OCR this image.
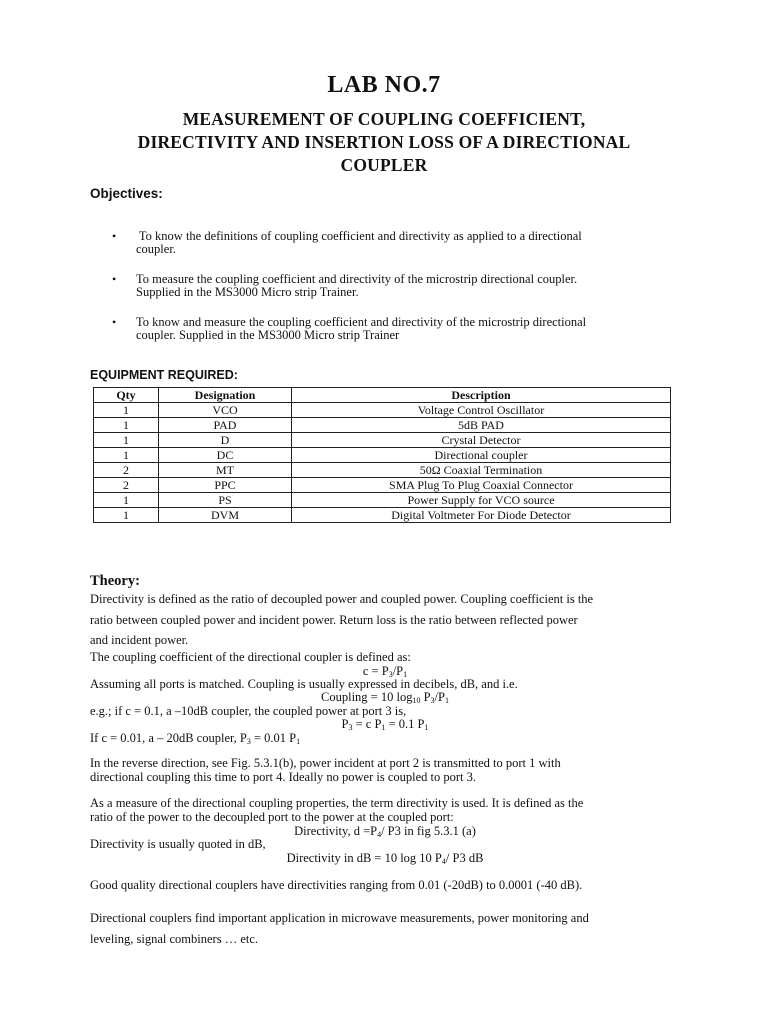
LAB NO.7
MEASUREMENT OF COUPLING COEFFICIENT,
DIRECTIVITY AND INSERTION LOSS OF A DIRECTIONAL
COUPLER
Objectives:
• To know the definitions of coupling coefficient and directivity as applied to a directional
coupler.
• To measure the coupling coefficient and directivity of the microstrip directional coupler.
Supplied in the MS3000 Micro strip Trainer.
• To know and measure the coupling coefficient and directivity of the microstrip directional
coupler. Supplied in the MS3000 Micro strip Trainer
EQUIPMENT REQUIRED:
Qty	Designation	Description
1	VCO	Voltage Control Oscillator
1	PAD	5dB PAD
1	D	Crystal Detector
1	DC	Directional coupler
2	MT	50Ω Coaxial Termination
2	PPC	SMA Plug To Plug Coaxial Connector
1	PS	Power Supply for VCO source
1	DVM	Digital Voltmeter For Diode Detector
Theory:
Directivity is defined as the ratio of decoupled power and coupled power. Coupling coefficient is the
ratio between coupled power and incident power. Return loss is the ratio between reflected power
and incident power.
The coupling coefficient of the directional coupler is defined as:
$c = P_3/P_1$
Assuming all ports is matched. Coupling is usually expressed in decibels, dB, and i.e.
Coupling = 10 $\log_{10} P_3/P_1$
e.g.; if c = 0.1, a –10dB coupler, the coupled power at port 3 is,
$P_3 = c$ $P_1 = 0.1$ $P_1$
If c = 0.01, a – 20dB coupler, $P_3 = 0.01$ $P_1$
In the reverse direction, see Fig. 5.3.1(b), power incident at port 2 is transmitted to port 1 with
directional coupling this time to port 4. Ideally no power is coupled to port 3.
As a measure of the directional coupling properties, the term directivity is used. It is defined as the
ratio of the power to the decoupled port to the power at the coupled port:
Directivity, $d =P_4/$ P3 in fig 5.3.1 (a)
Directivity is usually quoted in dB,
Directivity in dB = 10 log 10 $P_4/$ P3 dB
Good quality directional couplers have directivities ranging from 0.01 (-20dB) to 0.0001 (-40 dB).
Directional couplers find important application in microwave measurements, power monitoring and
leveling, signal combiners … etc.
